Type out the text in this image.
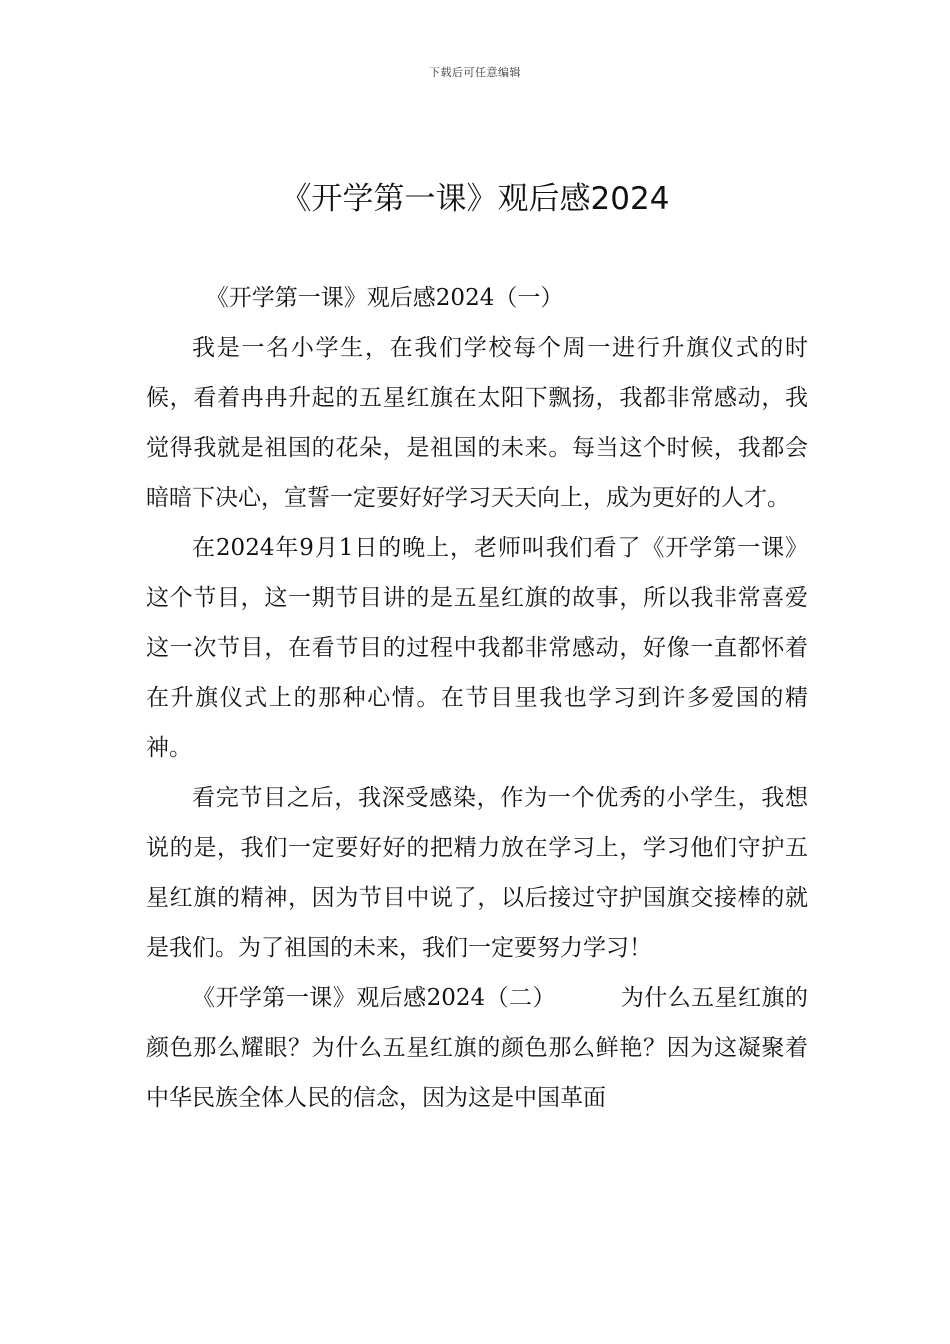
下载后可任意编辑
《开学第一课》观后感2024

《开学第一课》观后感2024（一）

我是一名小学生，在我们学校每个周一进行升旗仪式的时候，看着冉冉升起的五星红旗在太阳下飘扬，我都非常感动，我觉得我就是祖国的花朵，是祖国的未来。每当这个时候，我都会暗暗下决心，宣誓一定要好好学习天天向上，成为更好的人才。

在2024年9月1日的晚上，老师叫我们看了《开学第一课》这个节目，这一期节目讲的是五星红旗的故事，所以我非常喜爱这一次节目，在看节目的过程中我都非常感动，好像一直都怀着在升旗仪式上的那种心情。在节目里我也学习到许多爱国的精神。

看完节目之后，我深受感染，作为一个优秀的小学生，我想说的是，我们一定要好好的把精力放在学习上，学习他们守护五星红旗的精神，因为节目中说了，以后接过守护国旗交接棒的就是我们。为了祖国的未来，我们一定要努力学习！

《开学第一课》观后感2024（二）	为什么五星红旗的颜色那么耀眼？为什么五星红旗的颜色那么鲜艳？因为这凝聚着中华民族全体人民的信念，因为这是中国革面
